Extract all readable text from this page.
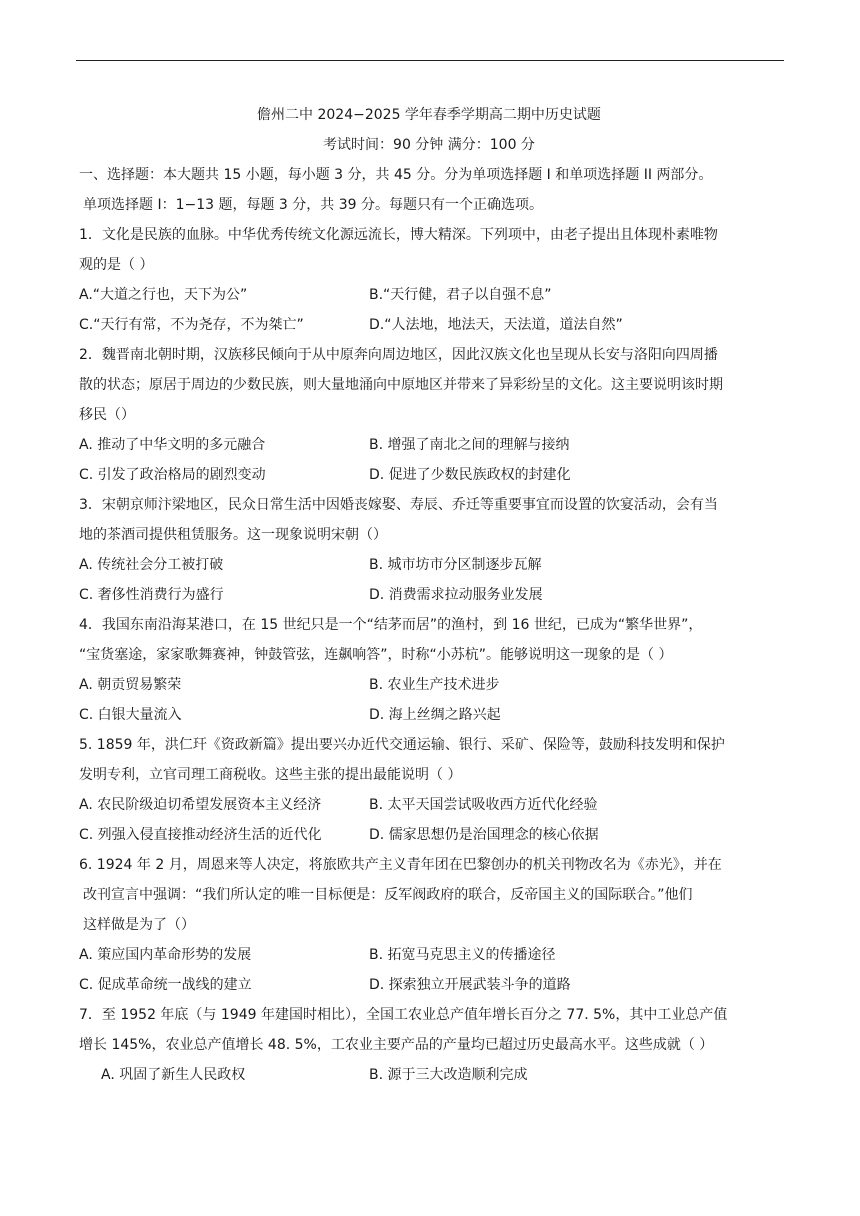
儋州二中 2024−2025 学年春季学期高二期中历史试题
考试时间：90 分钟 满分：100 分
一、选择题：本大题共 15 小题，每小题 3 分，共 45 分。分为单项选择题 I 和单项选择题 II 两部分。
单项选择题 I：1−13 题，每题 3 分，共 39 分。每题只有一个正确选项。
1．文化是民族的血脉。中华优秀传统文化源远流长，博大精深。下列项中，由老子提出且体现朴素唯物
观的是（ ）
A.“大道之行也，天下为公”	B.“天行健，君子以自强不息”
C.“天行有常，不为尧存，不为桀亡”	D.“人法地，地法天，天法道，道法自然”
2．魏晋南北朝时期，汉族移民倾向于从中原奔向周边地区，因此汉族文化也呈现从长安与洛阳向四周播
散的状态；原居于周边的少数民族，则大量地涌向中原地区并带来了异彩纷呈的文化。这主要说明该时期
移民（）
A. 推动了中华文明的多元融合	B. 增强了南北之间的理解与接纳
C. 引发了政治格局的剧烈变动	D. 促进了少数民族政权的封建化
3．宋朝京师汴梁地区，民众日常生活中因婚丧嫁娶、寿辰、乔迁等重要事宜而设置的饮宴活动，会有当
地的茶酒司提供租赁服务。这一现象说明宋朝（）
A. 传统社会分工被打破	B. 城市坊市分区制逐步瓦解
C. 奢侈性消费行为盛行	D. 消费需求拉动服务业发展
4．我国东南沿海某港口，在 15 世纪只是一个“结茅而居”的渔村，到 16 世纪，已成为“繁华世界”，
“宝货塞途，家家歌舞赛神，钟鼓管弦，连飙响答”，时称“小苏杭”。能够说明这一现象的是（ ）
A. 朝贡贸易繁荣	B. 农业生产技术进步
C. 白银大量流入	D. 海上丝绸之路兴起
5. 1859 年，洪仁玕《资政新篇》提出要兴办近代交通运输、银行、采矿、保险等，鼓励科技发明和保护
发明专利，立官司理工商税收。这些主张的提出最能说明（ ）
A. 农民阶级迫切希望发展资本主义经济	B. 太平天国尝试吸收西方近代化经验
C. 列强入侵直接推动经济生活的近代化	D. 儒家思想仍是治国理念的核心依据
6. 1924 年 2 月，周恩来等人决定，将旅欧共产主义青年团在巴黎创办的机关刊物改名为《赤光》，并在
改刊宣言中强调：“我们所认定的唯一目标便是：反军阀政府的联合，反帝国主义的国际联合。”他们
这样做是为了（）
A. 策应国内革命形势的发展	B. 拓宽马克思主义的传播途径
C. 促成革命统一战线的建立	D. 探索独立开展武装斗争的道路
7．至 1952 年底（与 1949 年建国时相比），全国工农业总产值年增长百分之 77. 5%，其中工业总产值
增长 145%，农业总产值增长 48. 5%，工农业主要产品的产量均已超过历史最高水平。这些成就（ ）
A. 巩固了新生人民政权	B. 源于三大改造顺利完成
